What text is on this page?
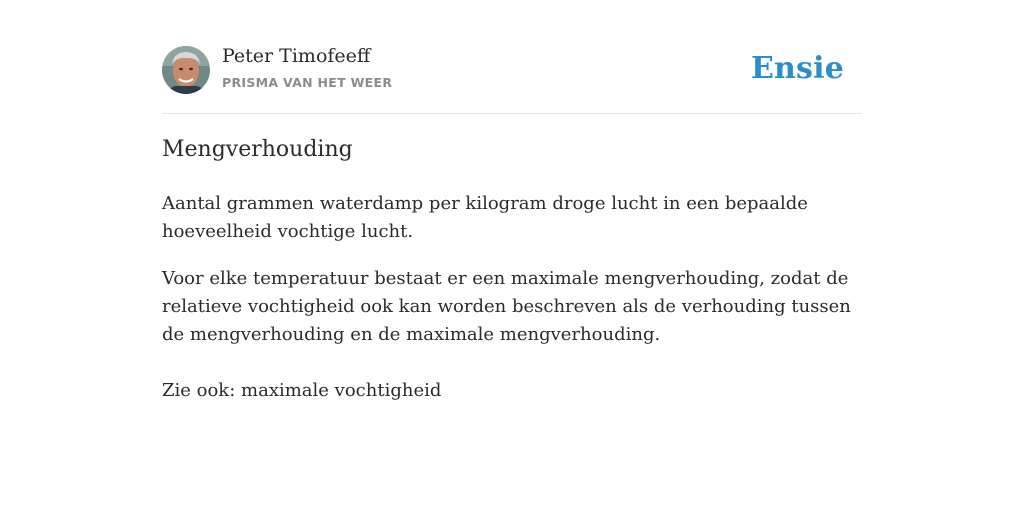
Peter Timofeeff
PRISMA VAN HET WEER	Ensie
Mengverhouding

Aantal grammen waterdamp per kilogram droge lucht in een bepaalde hoeveelheid vochtige lucht.

Voor elke temperatuur bestaat er een maximale mengverhouding, zodat de relatieve vochtigheid ook kan worden beschreven als de verhouding tussen de mengverhouding en de maximale mengverhouding.

Zie ook: maximale vochtigheid
